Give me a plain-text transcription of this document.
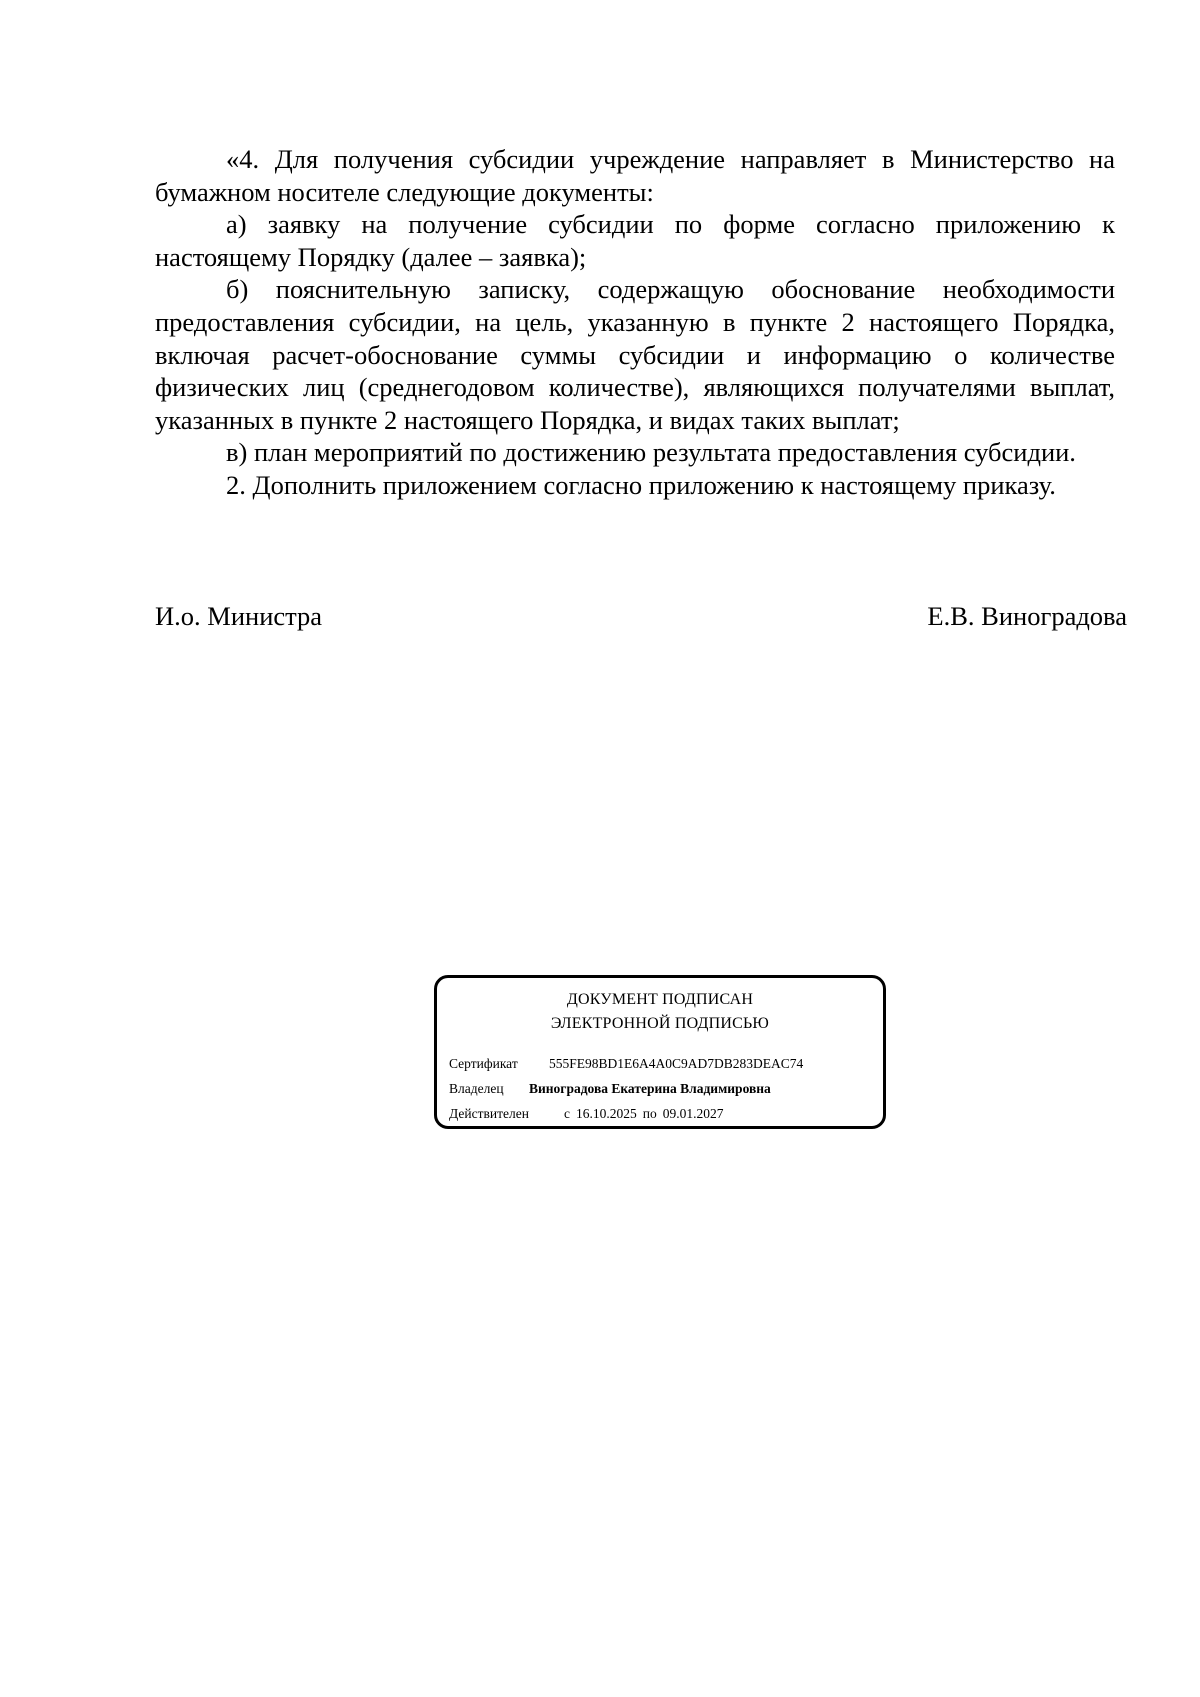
«4. Для получения субсидии учреждение направляет в Министерство на бумажном носителе следующие документы:

а) заявку на получение субсидии по форме согласно приложению к настоящему Порядку (далее – заявка);

б) пояснительную записку, содержащую обоснование необходимости предоставления субсидии, на цель, указанную в пункте 2 настоящего Порядка, включая расчет-обоснование суммы субсидии и информацию о количестве физических лиц (среднегодовом количестве), являющихся получателями выплат, указанных в пункте 2 настоящего Порядка, и видах таких выплат;

в) план мероприятий по достижению результата предоставления субсидии.

2. Дополнить приложением согласно приложению к настоящему приказу.

И.о. Министра	Е.В. Виноградова
ДОКУМЕНТ ПОДПИСАН
ЭЛЕКТРОННОЙ ПОДПИСЬЮ
Сертификат 555FE98BD1E6A4A0C9AD7DB283DEAC74
Владелец Виноградова Екатерина Владимировна
Действителен	с 16.10.2025 по 09.01.2027
